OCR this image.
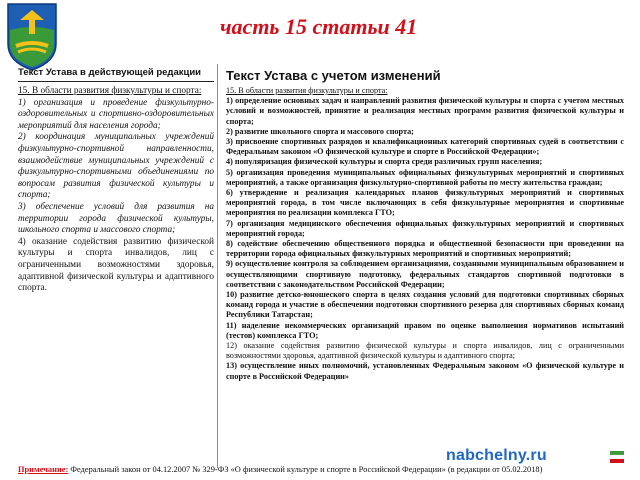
часть 15 статьи 41
Текст Устава в действующей редакции

15. В области развития физкультуры и спорта:

1) организация и проведение физкультурно-оздоровительных и спортивно-оздоровительных мероприятий для населения города;

2) координация муниципальных учреждений физкультурно-спортивной направленности, взаимодействие муниципальных учреждений с физкультурно-спортивными объединениями по вопросам развития физической культуры и спорта;

3) обеспечение условий для развития на территории города физической культуры, школьного спорта и массового спорта;

4) оказание содействия развитию физической культуры и спорта инвалидов, лиц с ограниченными возможностями здоровья, адаптивной физической культуры и адаптивного спорта.

Текст Устава с учетом изменений

15. В области развития физкультуры и спорта:

1) определение основных задач и направлений развития физической культуры и спорта с учетом местных условий и возможностей, принятие и реализация местных программ развития физической культуры и спорта;

2) развитие школьного спорта и массового спорта;

3) присвоение спортивных разрядов и квалификационных категорий спортивных судей в соответствии с Федеральным законом «О физической культуре и спорте в Российской Федерации»;

4) популяризация физической культуры и спорта среди различных групп населения;

5) организация проведения муниципальных официальных физкультурных мероприятий и спортивных мероприятий, а также организация физкультурно-спортивной работы по месту жительства граждан;

6) утверждение и реализация календарных планов физкультурных мероприятий и спортивных мероприятий города, в том числе включающих в себя физкультурные мероприятия и спортивные мероприятия по реализации комплекса ГТО;

7) организация медицинского обеспечения официальных физкультурных мероприятий и спортивных мероприятий города;

8) содействие обеспечению общественного порядка и общественной безопасности при проведении на территории города официальных физкультурных мероприятий и спортивных мероприятий;

9) осуществление контроля за соблюдением организациями, созданными муниципальным образованием и осуществляющими спортивную подготовку, федеральных стандартов спортивной подготовки в соответствии с законодательством Российской Федерации;

10) развитие детско-юношеского спорта в целях создания условий для подготовки спортивных сборных команд города и участие в обеспечении подготовки спортивного резерва для спортивных сборных команд Республики Татарстан;

11) наделение некоммерческих организаций правом по оценке выполнения нормативов испытаний (тестов) комплекса ГТО;

12) оказание содействия развитию физической культуры и спорта инвалидов, лиц с ограниченными возможностями здоровья, адаптивной физической культуры и адаптивного спорта;

13) осуществление иных полномочий, установленных Федеральным законом «О физической культуре и спорте в Российской Федерации»

nabchelny.ru
Примечание: Федеральный закон от 04.12.2007 № 329-ФЗ «О физической культуре и спорте в Российской Федерации» (в редакции от 05.02.2018)
